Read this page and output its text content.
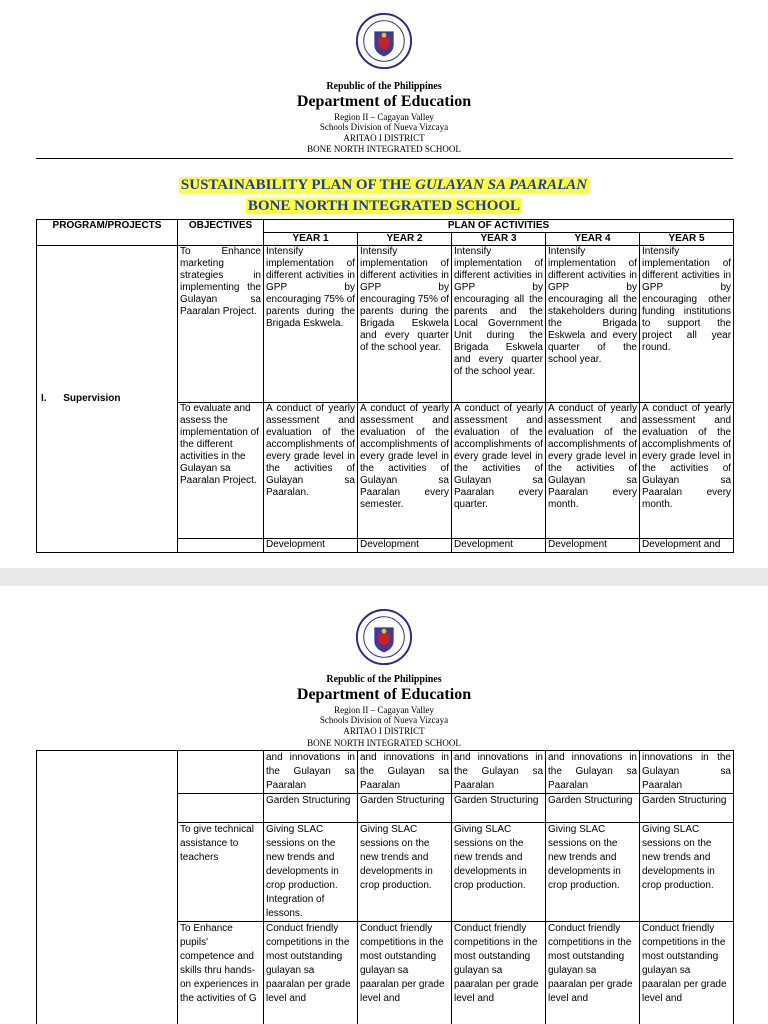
Republic of the Philippines
Department of Education
Region II – Cagayan Valley
Schools Division of Nueva Vizcaya
ARITAO I DISTRICT
BONE NORTH INTEGRATED SCHOOL
SUSTAINABILITY PLAN OF THE GULAYAN SA PAARALAN
BONE NORTH INTEGRATED SCHOOL
PROGRAM/PROJECTS	OBJECTIVES	PLAN OF ACTIVITIES				
		YEAR 1	YEAR 2	YEAR 3	YEAR 4	YEAR 5
I. Supervision	To Enhance marketing strategies in implementing the Gulayan sa Paaralan Project.	Intensify implementation of different activities in GPP by encouraging 75% of parents during the Brigada Eskwela.	Intensify implementation of different activities in GPP by encouraging 75% of parents during the Brigada Eskwela and every quarter of the school year.	Intensify implementation of different activities in GPP by encouraging all the parents and the Local Government Unit during the Brigada Eskwela and every quarter of the school year.	Intensify implementation of different activities in GPP by encouraging all the stakeholders during the Brigada Eskwela and every quarter of the school year.	Intensify implementation of different activities in GPP by encouraging other funding institutions to support the project all year round.
	To evaluate and assess the implementation of the different activities in the Gulayan sa Paaralan Project.	A conduct of yearly assessment and evaluation of the accomplishments of every grade level in the activities of Gulayan sa Paaralan.	A conduct of yearly assessment and evaluation of the accomplishments of every grade level in the activities of Gulayan sa Paaralan every semester.	A conduct of yearly assessment and evaluation of the accomplishments of every grade level in the activities of Gulayan sa Paaralan every quarter.	A conduct of yearly assessment and evaluation of the accomplishments of every grade level in the activities of Gulayan sa Paaralan every month.	A conduct of yearly assessment and evaluation of the accomplishments of every grade level in the activities of Gulayan sa Paaralan every month.
		Development	Development	Development	Development	Development and
Republic of the Philippines
Department of Education
Region II – Cagayan Valley
Schools Division of Nueva Vizcaya
ARITAO I DISTRICT
BONE NORTH INTEGRATED SCHOOL
		and innovations in the Gulayan sa Paaralan	and innovations in the Gulayan sa Paaralan	and innovations in the Gulayan sa Paaralan	and innovations in the Gulayan sa Paaralan	innovations in the Gulayan sa Paaralan
		Garden Structuring	Garden Structuring	Garden Structuring	Garden Structuring	Garden Structuring
	To give technical assistance to teachers	Giving SLAC sessions on the new trends and developments in crop production. Integration of lessons.	Giving SLAC sessions on the new trends and developments in crop production.	Giving SLAC sessions on the new trends and developments in crop production.	Giving SLAC sessions on the new trends and developments in crop production.	Giving SLAC sessions on the new trends and developments in crop production.
	To Enhance pupils' competence and skills thru hands-on experiences in the activities of G	Conduct friendly competitions in the most outstanding gulayan sa paaralan per grade level and	Conduct friendly competitions in the most outstanding gulayan sa paaralan per grade level and	Conduct friendly competitions in the most outstanding gulayan sa paaralan per grade level and	Conduct friendly competitions in the most outstanding gulayan sa paaralan per grade level and	Conduct friendly competitions in the most outstanding gulayan sa paaralan per grade level and
